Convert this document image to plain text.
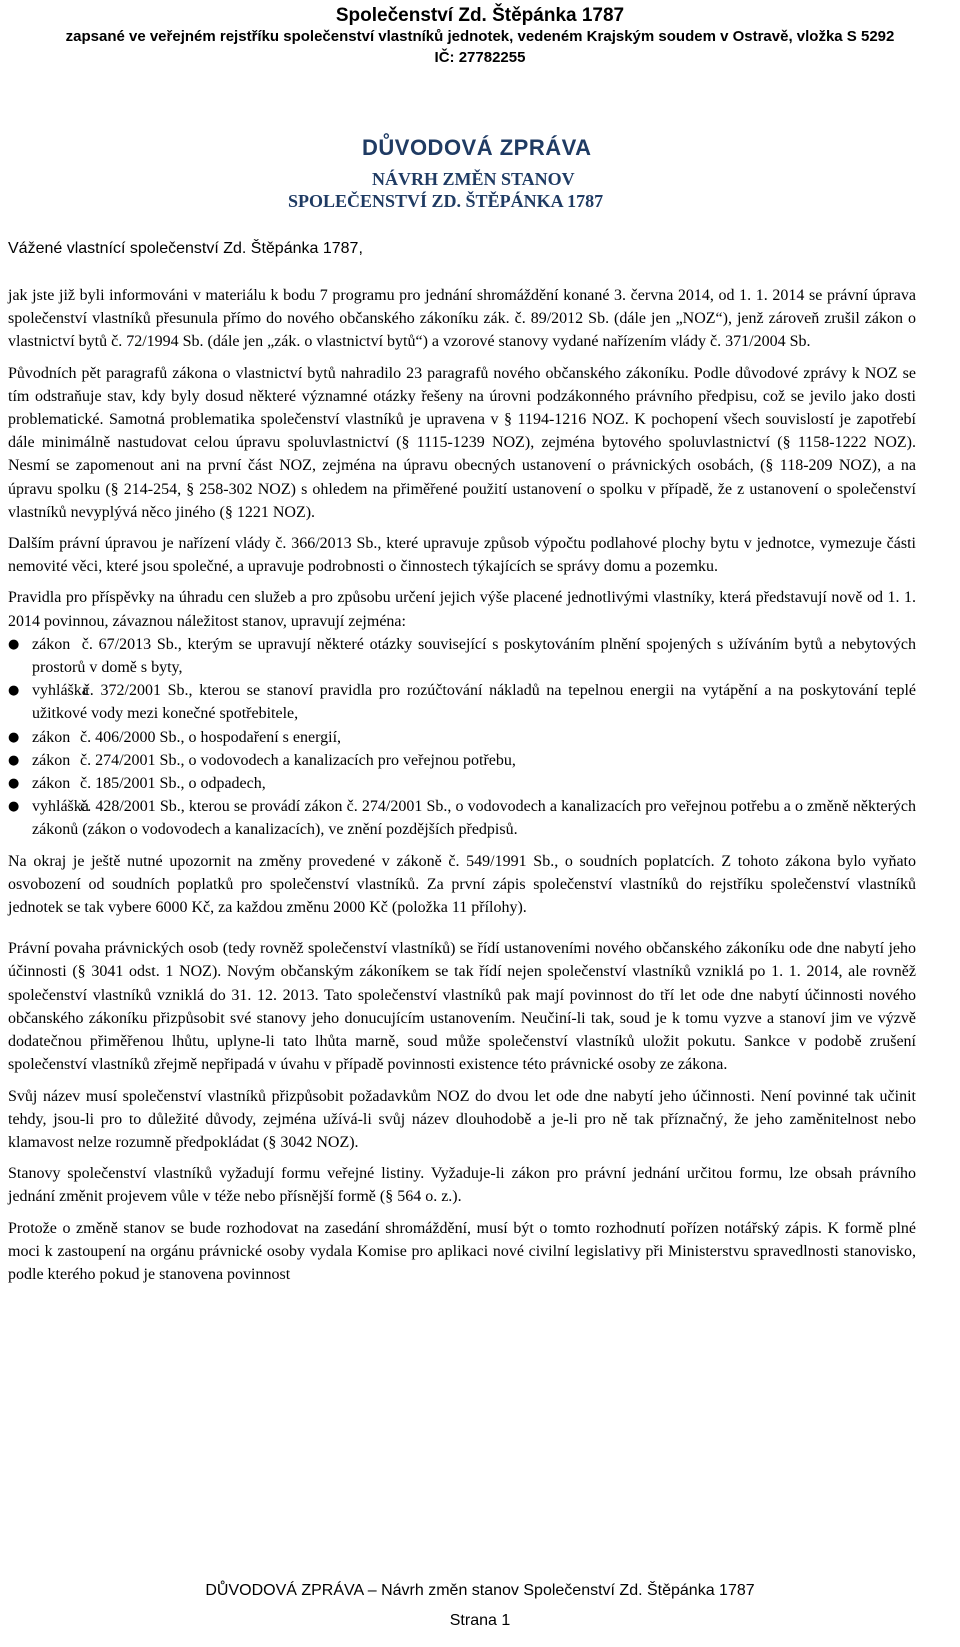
Společenství Zd. Štěpánka 1787
zapsané ve veřejném rejstříku společenství vlastníků jednotek, vedeném Krajským soudem v Ostravě, vložka S 5292
IČ: 27782255
DŮVODOVÁ ZPRÁVA
NÁVRH ZMĚN STANOV
SPOLEČENSTVÍ ZD. ŠTĚPÁNKA 1787
Vážené vlastnící společenství Zd. Štěpánka 1787,

jak jste již byli informováni v materiálu k bodu 7 programu pro jednání shromáždění konané 3. června 2014, od 1. 1. 2014 se právní úprava společenství vlastníků přesunula přímo do nového občanského zákoníku zák. č. 89/2012 Sb. (dále jen „NOZ“), jenž zároveň zrušil zákon o vlastnictví bytů č. 72/1994 Sb. (dále jen „zák. o vlastnictví bytů“) a vzorové stanovy vydané nařízením vlády č. 371/2004 Sb.

Původních pět paragrafů zákona o vlastnictví bytů nahradilo 23 paragrafů nového občanského zákoníku. Podle důvodové zprávy k NOZ se tím odstraňuje stav, kdy byly dosud některé významné otázky řešeny na úrovni podzákonného právního předpisu, což se jevilo jako dosti problematické. Samotná problematika společenství vlastníků je upravena v § 1194-1216 NOZ. K pochopení všech souvislostí je zapotřebí dále minimálně nastudovat celou úpravu spoluvlastnictví (§ 1115-1239 NOZ), zejména bytového spoluvlastnictví (§ 1158-1222 NOZ). Nesmí se zapomenout ani na první část NOZ, zejména na úpravu obecných ustanovení o právnických osobách, (§ 118-209 NOZ), a na úpravu spolku (§ 214-254, § 258-302 NOZ) s ohledem na přiměřené použití ustanovení o spolku v případě, že z ustanovení o společenství vlastníků nevyplývá něco jiného (§ 1221 NOZ).

Dalším právní úpravou je nařízení vlády č. 366/2013 Sb., které upravuje způsob výpočtu podlahové plochy bytu v jednotce, vymezuje části nemovité věci, které jsou společné, a upravuje podrobnosti o činnostech týkajících se správy domu a pozemku.

Pravidla pro příspěvky na úhradu cen služeb a pro způsobu určení jejich výše placené jednotlivými vlastníky, která představují nově od 1. 1. 2014 povinnou, závaznou náležitost stanov, upravují zejména:

● zákon č. 67/2013 Sb., kterým se upravují některé otázky související s poskytováním plnění spojených s užíváním bytů a nebytových prostorů v domě s byty,
● vyhláška č. 372/2001 Sb., kterou se stanoví pravidla pro rozúčtování nákladů na tepelnou energii na vytápění a na poskytování teplé užitkové vody mezi konečné spotřebitele,
● zákon č. 406/2000 Sb., o hospodaření s energií,
● zákon č. 274/2001 Sb., o vodovodech a kanalizacích pro veřejnou potřebu,
● zákon č. 185/2001 Sb., o odpadech,
● vyhláška č. 428/2001 Sb., kterou se provádí zákon č. 274/2001 Sb., o vodovodech a kanalizacích pro veřejnou potřebu a o změně některých zákonů (zákon o vodovodech a kanalizacích), ve znění pozdějších předpisů.

Na okraj je ještě nutné upozornit na změny provedené v zákoně č. 549/1991 Sb., o soudních poplatcích. Z tohoto zákona bylo vyňato osvobození od soudních poplatků pro společenství vlastníků. Za první zápis společenství vlastníků do rejstříku společenství vlastníků jednotek se tak vybere 6000 Kč, za každou změnu 2000 Kč (položka 11 přílohy).

Právní povaha právnických osob (tedy rovněž společenství vlastníků) se řídí ustanoveními nového občanského zákoníku ode dne nabytí jeho účinnosti (§ 3041 odst. 1 NOZ). Novým občanským zákoníkem se tak řídí nejen společenství vlastníků vzniklá po 1. 1. 2014, ale rovněž společenství vlastníků vzniklá do 31. 12. 2013. Tato společenství vlastníků pak mají povinnost do tří let ode dne nabytí účinnosti nového občanského zákoníku přizpůsobit své stanovy jeho donucujícím ustanovením. Neučiní-li tak, soud je k tomu vyzve a stanoví jim ve výzvě dodatečnou přiměřenou lhůtu, uplyne-li tato lhůta marně, soud může společenství vlastníků uložit pokutu. Sankce v podobě zrušení společenství vlastníků zřejmě nepřipadá v úvahu v případě povinnosti existence této právnické osoby ze zákona.

Svůj název musí společenství vlastníků přizpůsobit požadavkům NOZ do dvou let ode dne nabytí jeho účinnosti. Není povinné tak učinit tehdy, jsou-li pro to důležité důvody, zejména užívá-li svůj název dlouhodobě a je-li pro ně tak příznačný, že jeho zaměnitelnost nebo klamavost nelze rozumně předpokládat (§ 3042 NOZ).

Stanovy společenství vlastníků vyžadují formu veřejné listiny. Vyžaduje-li zákon pro právní jednání určitou formu, lze obsah právního jednání změnit projevem vůle v téže nebo přísnější formě (§ 564 o. z.).

Protože o změně stanov se bude rozhodovat na zasedání shromáždění, musí být o tomto rozhodnutí pořízen notářský zápis. K formě plné moci k zastoupení na orgánu právnické osoby vydala Komise pro aplikaci nové civilní legislativy při Ministerstvu spravedlnosti stanovisko, podle kterého pokud je stanovena povinnost

DŮVODOVÁ ZPRÁVA – Návrh změn stanov Společenství Zd. Štěpánka 1787
Strana 1
